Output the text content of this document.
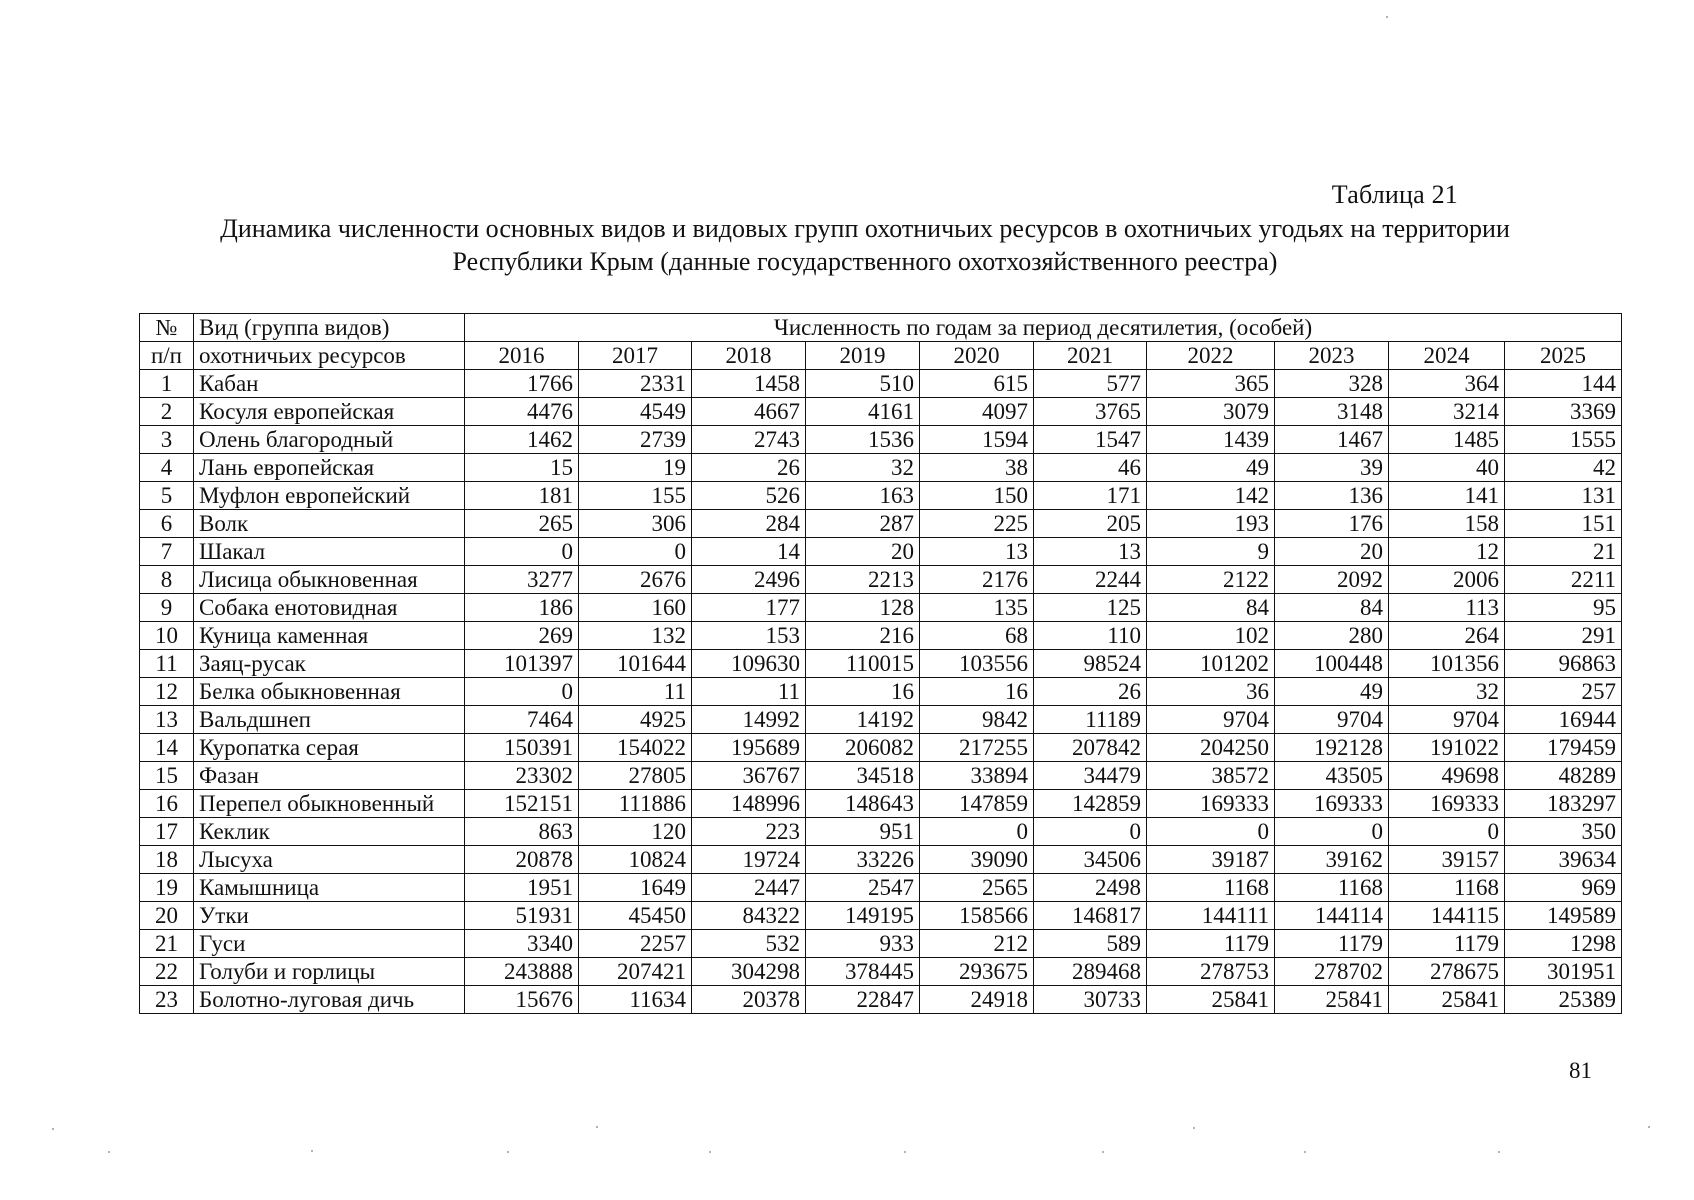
Таблица 21
Динамика численности основных видов и видовых групп охотничьих ресурсов в охотничьих угодьях на территории
Республики Крым (данные государственного охотхозяйственного реестра)
№	Вид (группа видов)	Численность по годам за период десятилетия, (особей)									
п/п	охотничьих ресурсов	2016	2017	2018	2019	2020	2021	2022	2023	2024	2025
1	Кабан	1766	2331	1458	510	615	577	365	328	364	144
2	Косуля европейская	4476	4549	4667	4161	4097	3765	3079	3148	3214	3369
3	Олень благородный	1462	2739	2743	1536	1594	1547	1439	1467	1485	1555
4	Лань европейская	15	19	26	32	38	46	49	39	40	42
5	Муфлон европейский	181	155	526	163	150	171	142	136	141	131
6	Волк	265	306	284	287	225	205	193	176	158	151
7	Шакал	0	0	14	20	13	13	9	20	12	21
8	Лисица обыкновенная	3277	2676	2496	2213	2176	2244	2122	2092	2006	2211
9	Собака енотовидная	186	160	177	128	135	125	84	84	113	95
10	Куница каменная	269	132	153	216	68	110	102	280	264	291
11	Заяц-русак	101397	101644	109630	110015	103556	98524	101202	100448	101356	96863
12	Белка обыкновенная	0	11	11	16	16	26	36	49	32	257
13	Вальдшнеп	7464	4925	14992	14192	9842	11189	9704	9704	9704	16944
14	Куропатка серая	150391	154022	195689	206082	217255	207842	204250	192128	191022	179459
15	Фазан	23302	27805	36767	34518	33894	34479	38572	43505	49698	48289
16	Перепел обыкновенный	152151	111886	148996	148643	147859	142859	169333	169333	169333	183297
17	Кеклик	863	120	223	951	0	0	0	0	0	350
18	Лысуха	20878	10824	19724	33226	39090	34506	39187	39162	39157	39634
19	Камышница	1951	1649	2447	2547	2565	2498	1168	1168	1168	969
20	Утки	51931	45450	84322	149195	158566	146817	144111	144114	144115	149589
21	Гуси	3340	2257	532	933	212	589	1179	1179	1179	1298
22	Голуби и горлицы	243888	207421	304298	378445	293675	289468	278753	278702	278675	301951
23	Болотно-луговая дичь	15676	11634	20378	22847	24918	30733	25841	25841	25841	25389
81
